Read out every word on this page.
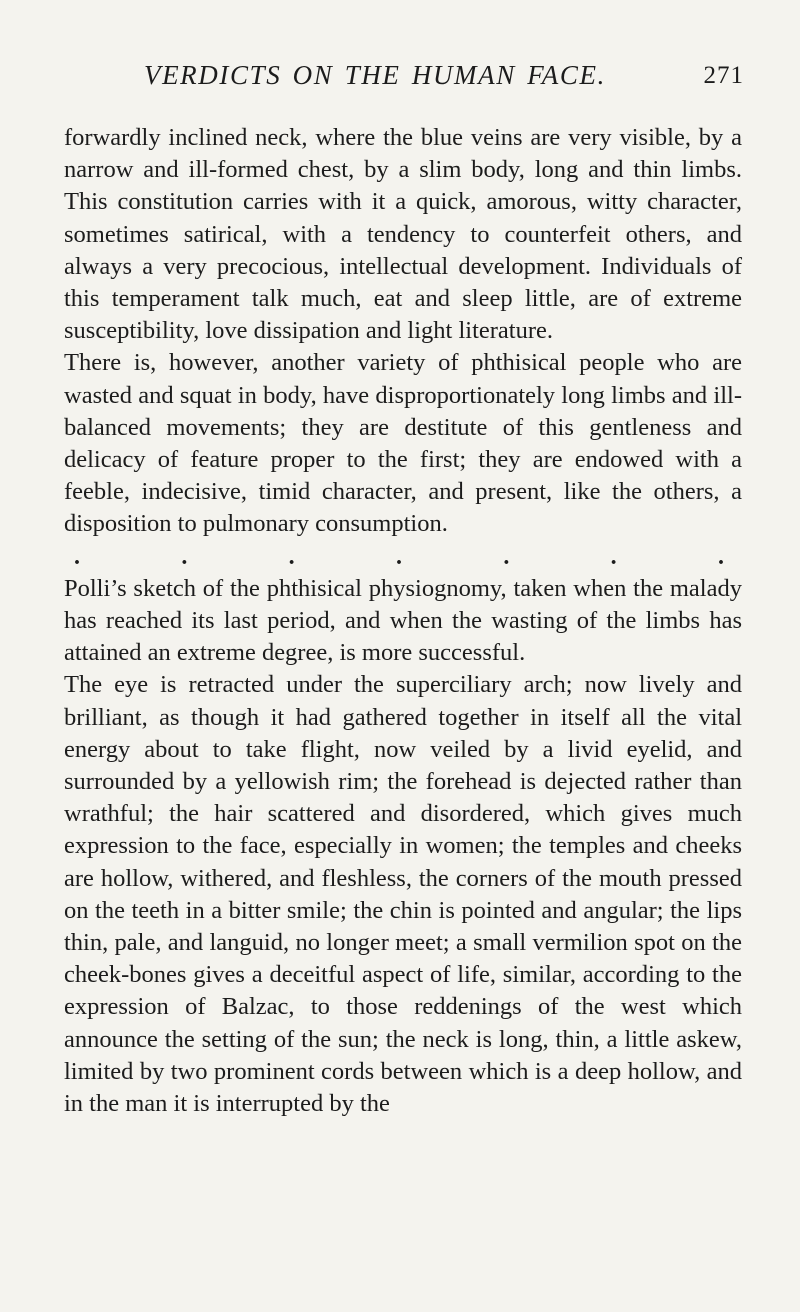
VERDICTS ON THE HUMAN FACE.	271

forwardly inclined neck, where the blue veins are very visible, by a narrow and ill-formed chest, by a slim body, long and thin limbs. This constitution carries with it a quick, amorous, witty character, sometimes satirical, with a tendency to counterfeit others, and always a very precocious, intellectual development. Individuals of this temperament talk much, eat and sleep little, are of extreme susceptibility, love dissipation and light literature.

There is, however, another variety of phthisical people who are wasted and squat in body, have disproportionately long limbs and ill-balanced movements; they are destitute of this gentleness and delicacy of feature proper to the first; they are endowed with a feeble, indecisive, timid character, and present, like the others, a disposition to pulmonary consumption.

.	.	.	.	.	.	.

Polli’s sketch of the phthisical physiognomy, taken when the malady has reached its last period, and when the wasting of the limbs has attained an extreme degree, is more successful.

The eye is retracted under the superciliary arch; now lively and brilliant, as though it had gathered together in itself all the vital energy about to take flight, now veiled by a livid eyelid, and surrounded by a yellowish rim; the forehead is dejected rather than wrathful; the hair scattered and disordered, which gives much expression to the face, especially in women; the temples and cheeks are hollow, withered, and fleshless, the corners of the mouth pressed on the teeth in a bitter smile; the chin is pointed and angular; the lips thin, pale, and languid, no longer meet; a small vermilion spot on the cheek-bones gives a deceitful aspect of life, similar, according to the expression of Balzac, to those reddenings of the west which announce the setting of the sun; the neck is long, thin, a little askew, limited by two prominent cords between which is a deep hollow, and in the man it is interrupted by the
